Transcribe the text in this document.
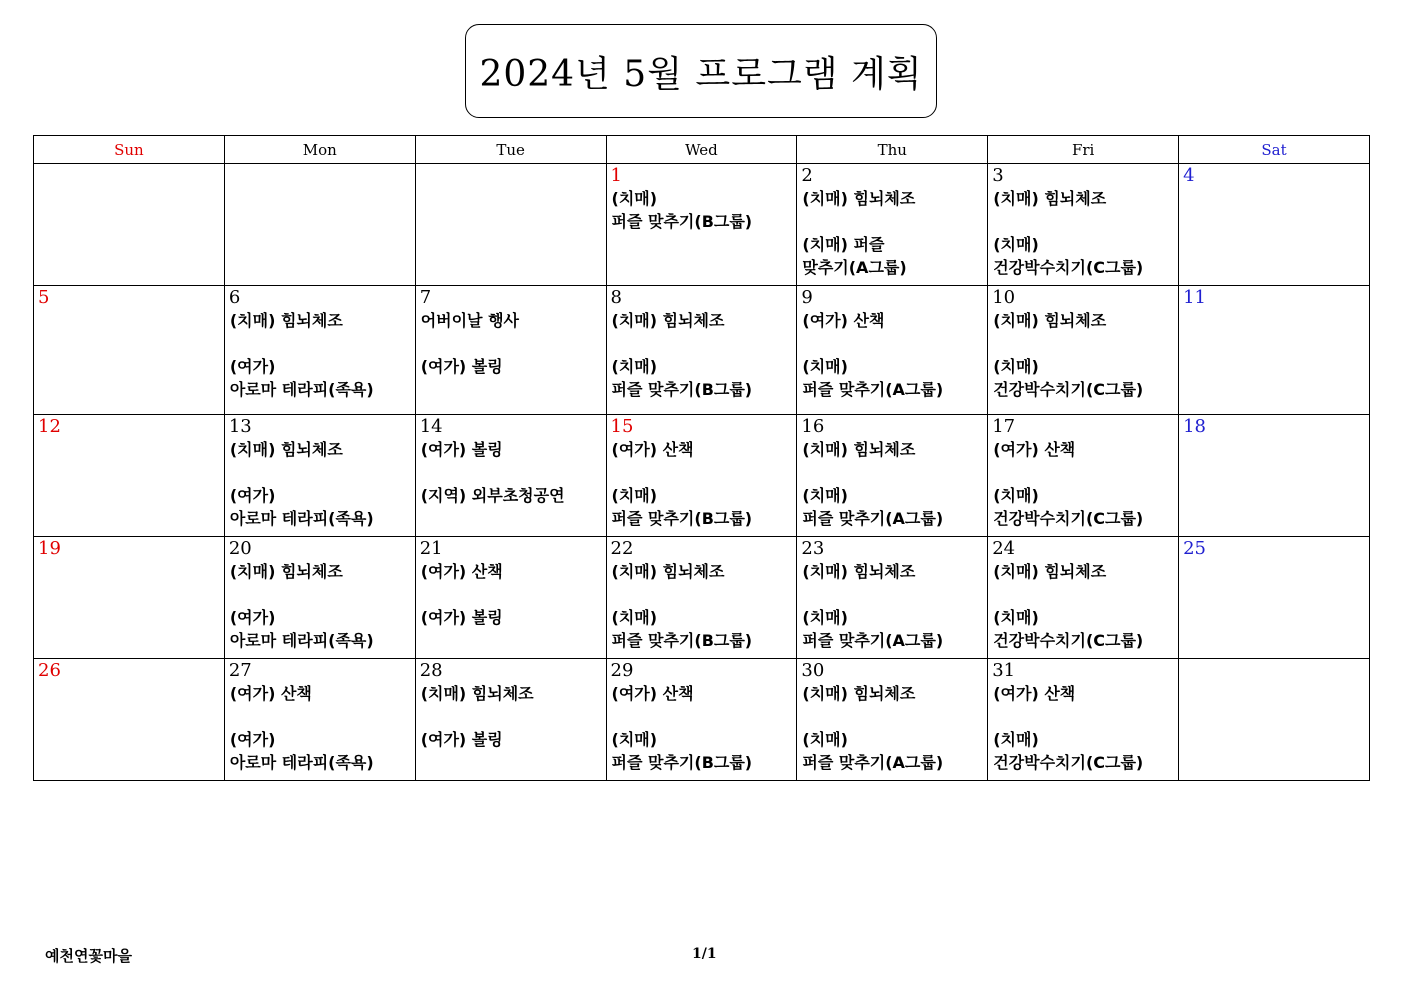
2024년 5월 프로그램 계획
Sun	Mon	Tue	Wed	Thu	Fri	Sat

			1
(치매)
퍼즐 맞추기(B그룹)	2
(치매) 힘뇌체조

(치매) 퍼즐
맞추기(A그룹)	3
(치매) 힘뇌체조

(치매)
건강박수치기(C그룹)	4

5	6
(치매) 힘뇌체조

(여가)
아로마 테라피(족욕)	7
어버이날 행사

(여가) 볼링	8
(치매) 힘뇌체조

(치매)
퍼즐 맞추기(B그룹)	9
(여가) 산책

(치매)
퍼즐 맞추기(A그룹)	10
(치매) 힘뇌체조

(치매)
건강박수치기(C그룹)	11

12	13
(치매) 힘뇌체조

(여가)
아로마 테라피(족욕)	14
(여가) 볼링

(지역) 외부초청공연	15
(여가) 산책

(치매)
퍼즐 맞추기(B그룹)	16
(치매) 힘뇌체조

(치매)
퍼즐 맞추기(A그룹)	17
(여가) 산책

(치매)
건강박수치기(C그룹)	18

19	20
(치매) 힘뇌체조

(여가)
아로마 테라피(족욕)	21
(여가) 산책

(여가) 볼링	22
(치매) 힘뇌체조

(치매)
퍼즐 맞추기(B그룹)	23
(치매) 힘뇌체조

(치매)
퍼즐 맞추기(A그룹)	24
(치매) 힘뇌체조

(치매)
건강박수치기(C그룹)	25

26	27
(여가) 산책

(여가)
아로마 테라피(족욕)	28
(치매) 힘뇌체조

(여가) 볼링	29
(여가) 산책

(치매)
퍼즐 맞추기(B그룹)	30
(치매) 힘뇌체조

(치매)
퍼즐 맞추기(A그룹)	31
(여가) 산책

(치매)
건강박수치기(C그룹)	

예천연꽃마을	1/1
